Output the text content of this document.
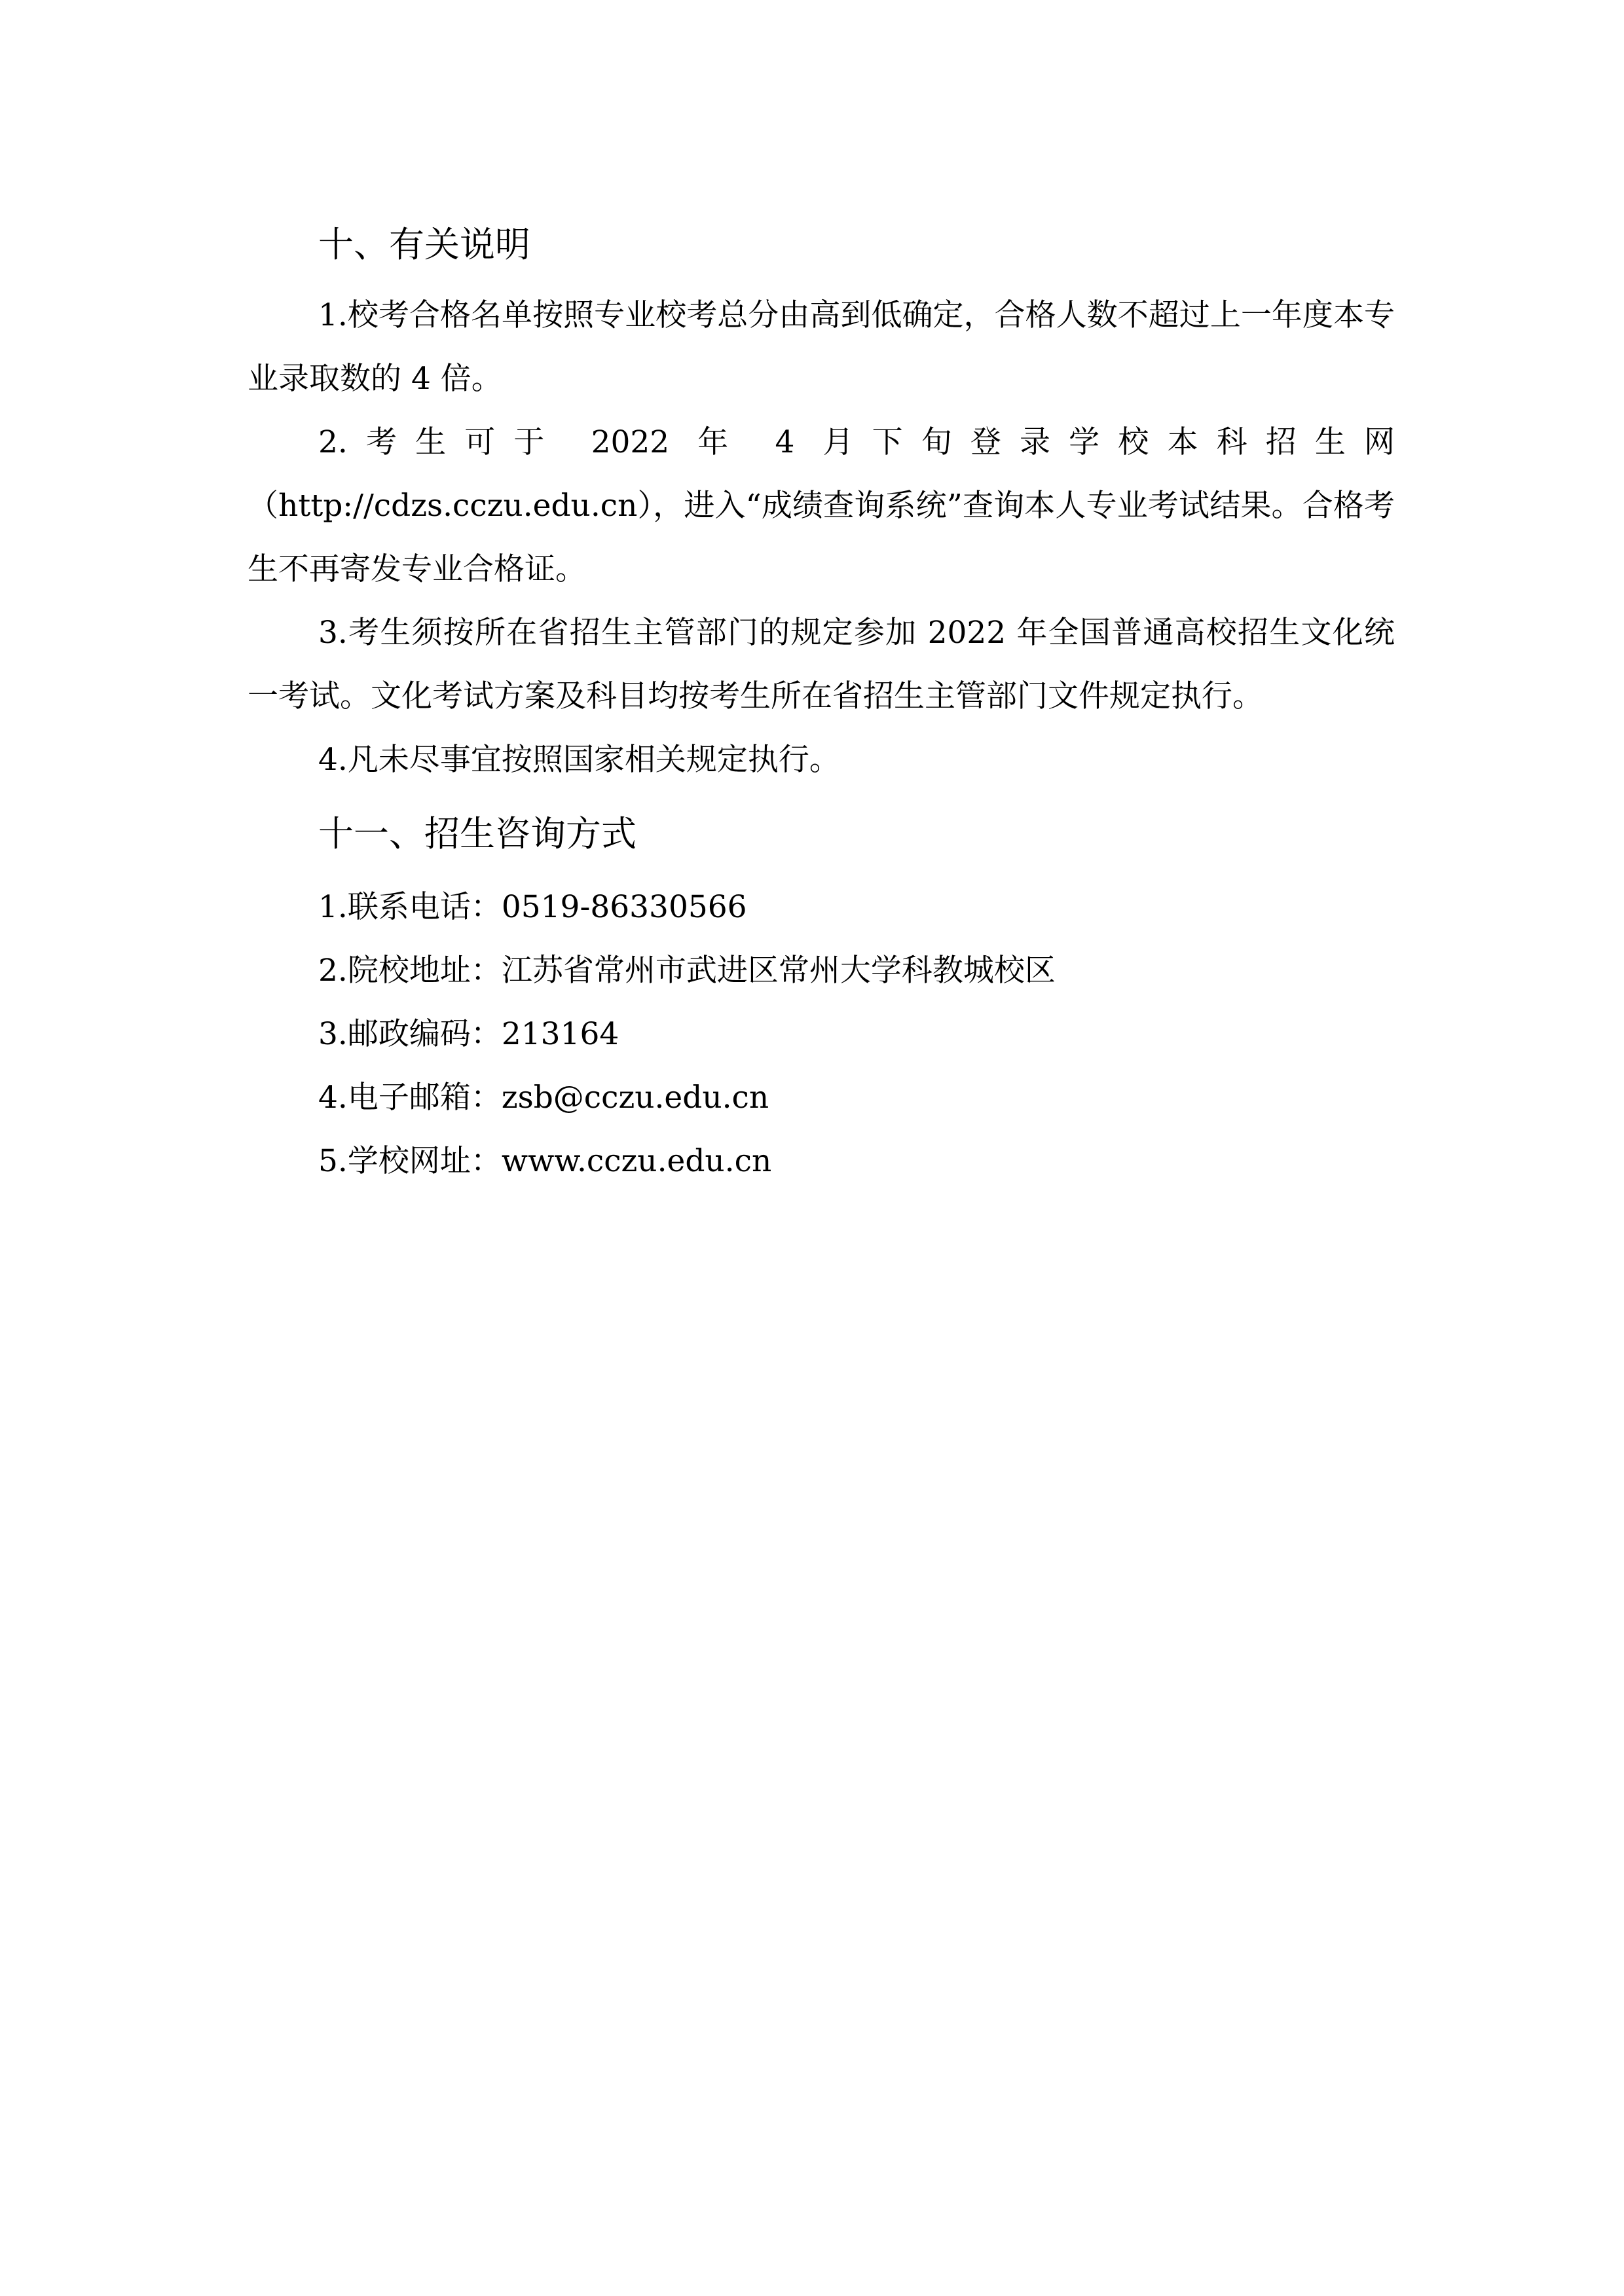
十、有关说明

1.校考合格名单按照专业校考总分由高到低确定，合格人数不超过上一年度本专业录取数的 4 倍。

2.考生可于 2022 年 4 月下旬登录学校本科招生网（http://cdzs.cczu.edu.cn），进入“成绩查询系统”查询本人专业考试结果。合格考生不再寄发专业合格证。

3.考生须按所在省招生主管部门的规定参加 2022 年全国普通高校招生文化统一考试。文化考试方案及科目均按考生所在省招生主管部门文件规定执行。

4.凡未尽事宜按照国家相关规定执行。

十一、招生咨询方式

1.联系电话：0519-86330566

2.院校地址：江苏省常州市武进区常州大学科教城校区

3.邮政编码：213164

4.电子邮箱：zsb@cczu.edu.cn

5.学校网址：www.cczu.edu.cn
